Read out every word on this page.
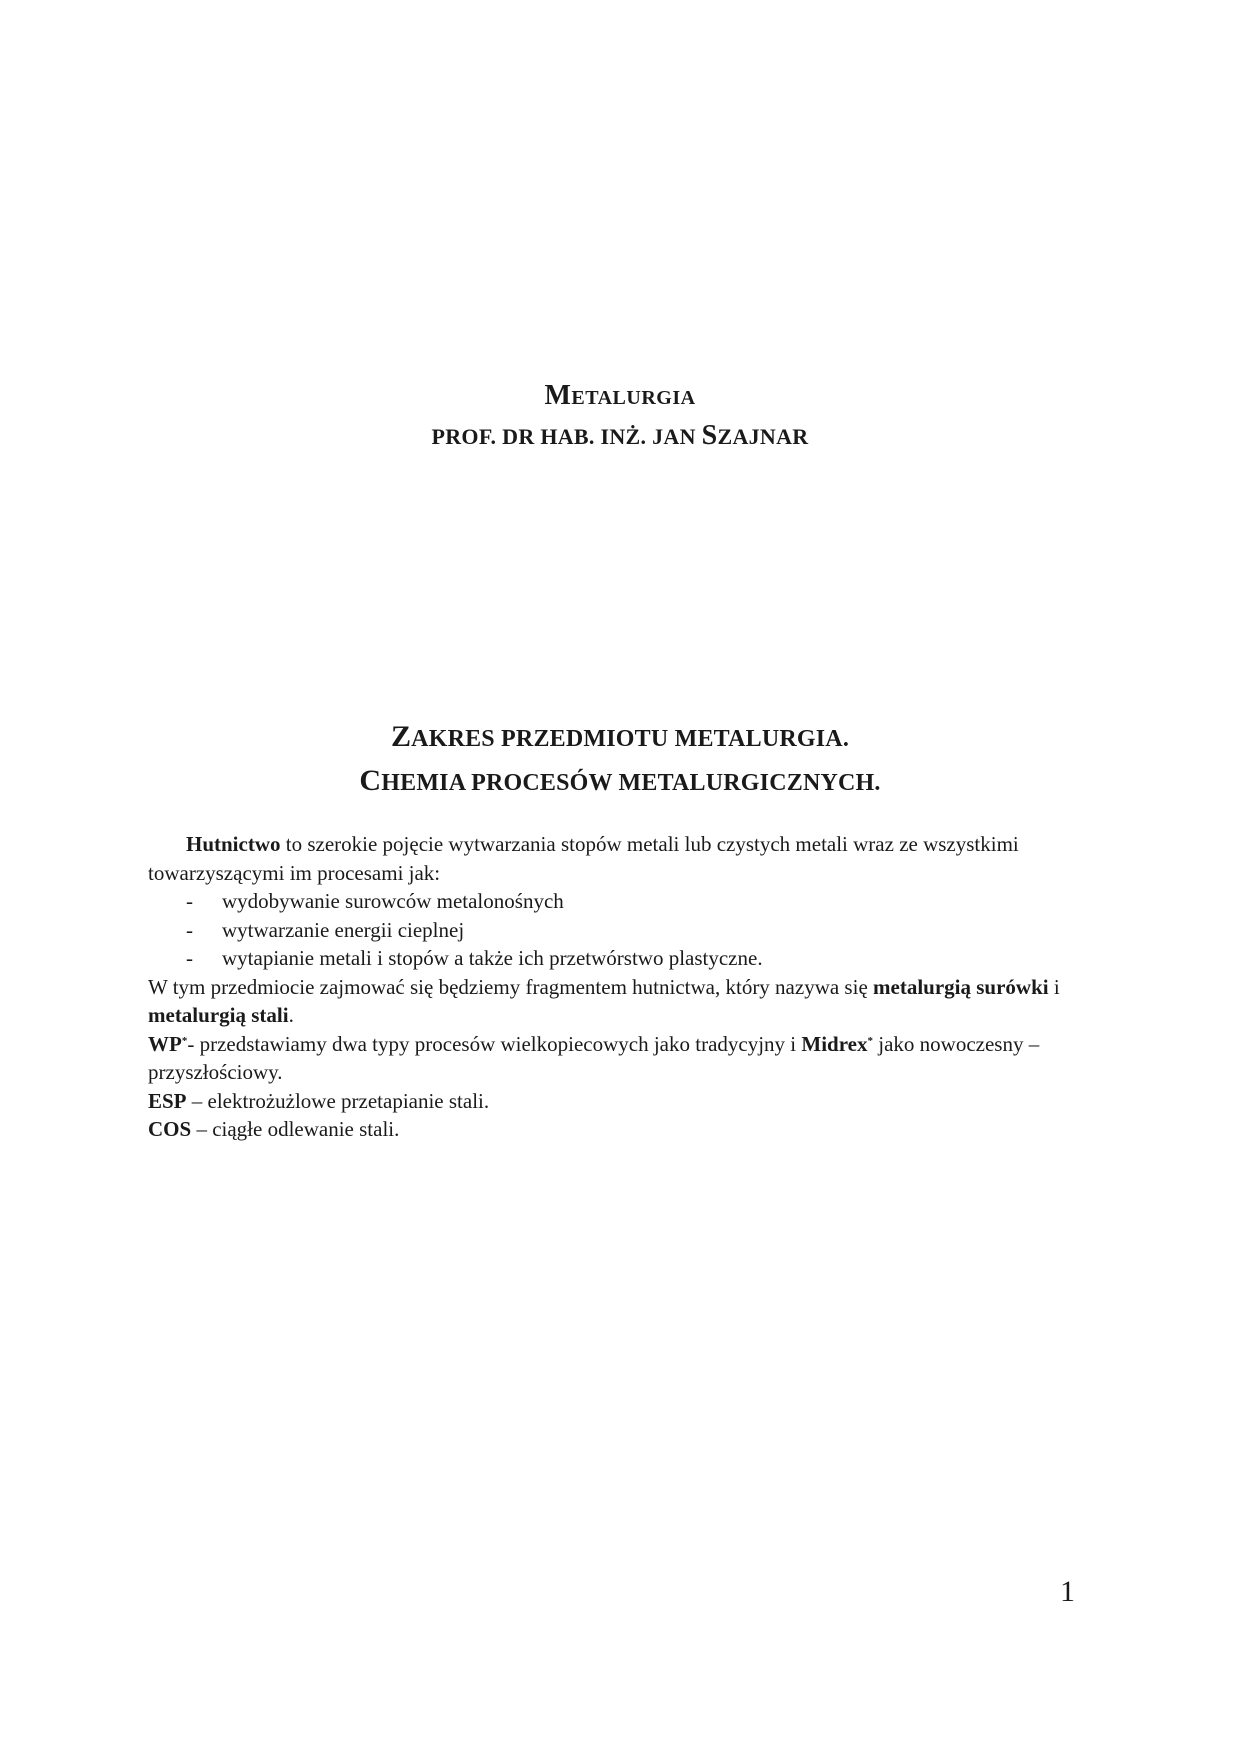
METALURGIA
PROF. DR HAB. INŻ. JAN SZAJNAR
ZAKRES PRZEDMIOTU METALURGIA.
CHEMIA PROCESÓW METALURGICZNYCH.

Hutnictwo to szerokie pojęcie wytwarzania stopów metali lub czystych metali wraz ze wszystkimi towarzyszącymi im procesami jak:

- wydobywanie surowców metalonośnych
- wytwarzanie energii cieplnej
- wytapianie metali i stopów a także ich przetwórstwo plastyczne.

W tym przedmiocie zajmować się będziemy fragmentem hutnictwa, który nazywa się metalurgią surówki i metalurgią stali.

WP*- przedstawiamy dwa typy procesów wielkopiecowych jako tradycyjny i Midrex* jako nowoczesny – przyszłościowy.

ESP – elektrożużlowe przetapianie stali.

COS – ciągłe odlewanie stali.

1
